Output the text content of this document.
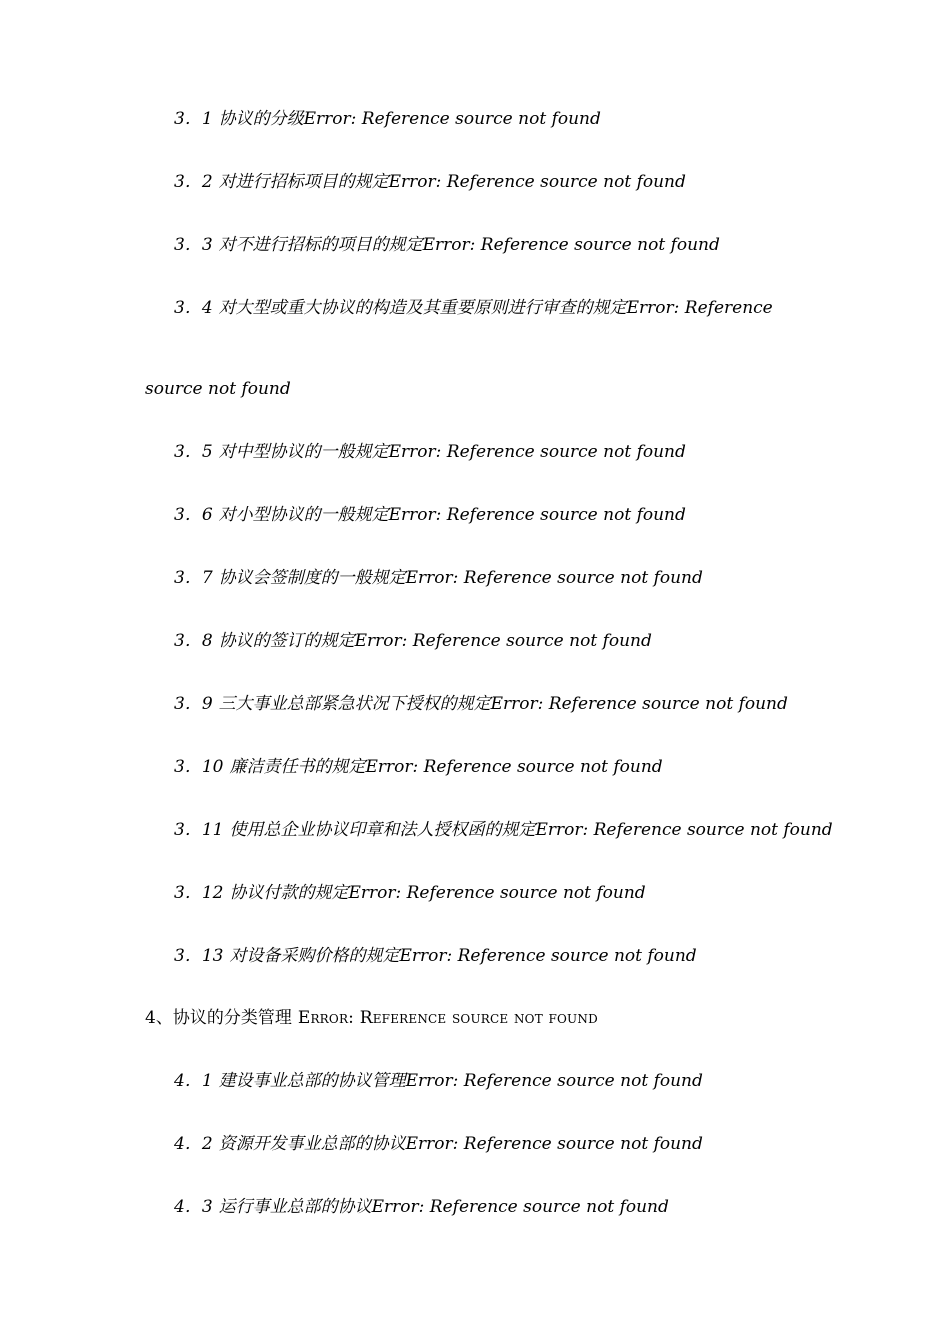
3．1 协议的分级Error: Reference source not found
3．2 对进行招标项目的规定Error: Reference source not found
3．3 对不进行招标的项目的规定Error: Reference source not found
3．4 对大型或重大协议的构造及其重要原则进行审查的规定Error: Reference
source not found
3．5 对中型协议的一般规定Error: Reference source not found
3．6 对小型协议的一般规定Error: Reference source not found
3．7 协议会签制度的一般规定Error: Reference source not found
3．8 协议的签订的规定Error: Reference source not found
3．9 三大事业总部紧急状况下授权的规定Error: Reference source not found
3．10 廉洁责任书的规定Error: Reference source not found
3．11 使用总企业协议印章和法人授权函的规定Error: Reference source not found
3．12 协议付款的规定Error: Reference source not found
3．13 对设备采购价格的规定Error: Reference source not found
4、协议的分类管理 Error: Reference source not found
4．1 建设事业总部的协议管理Error: Reference source not found
4．2 资源开发事业总部的协议Error: Reference source not found
4．3 运行事业总部的协议Error: Reference source not found
